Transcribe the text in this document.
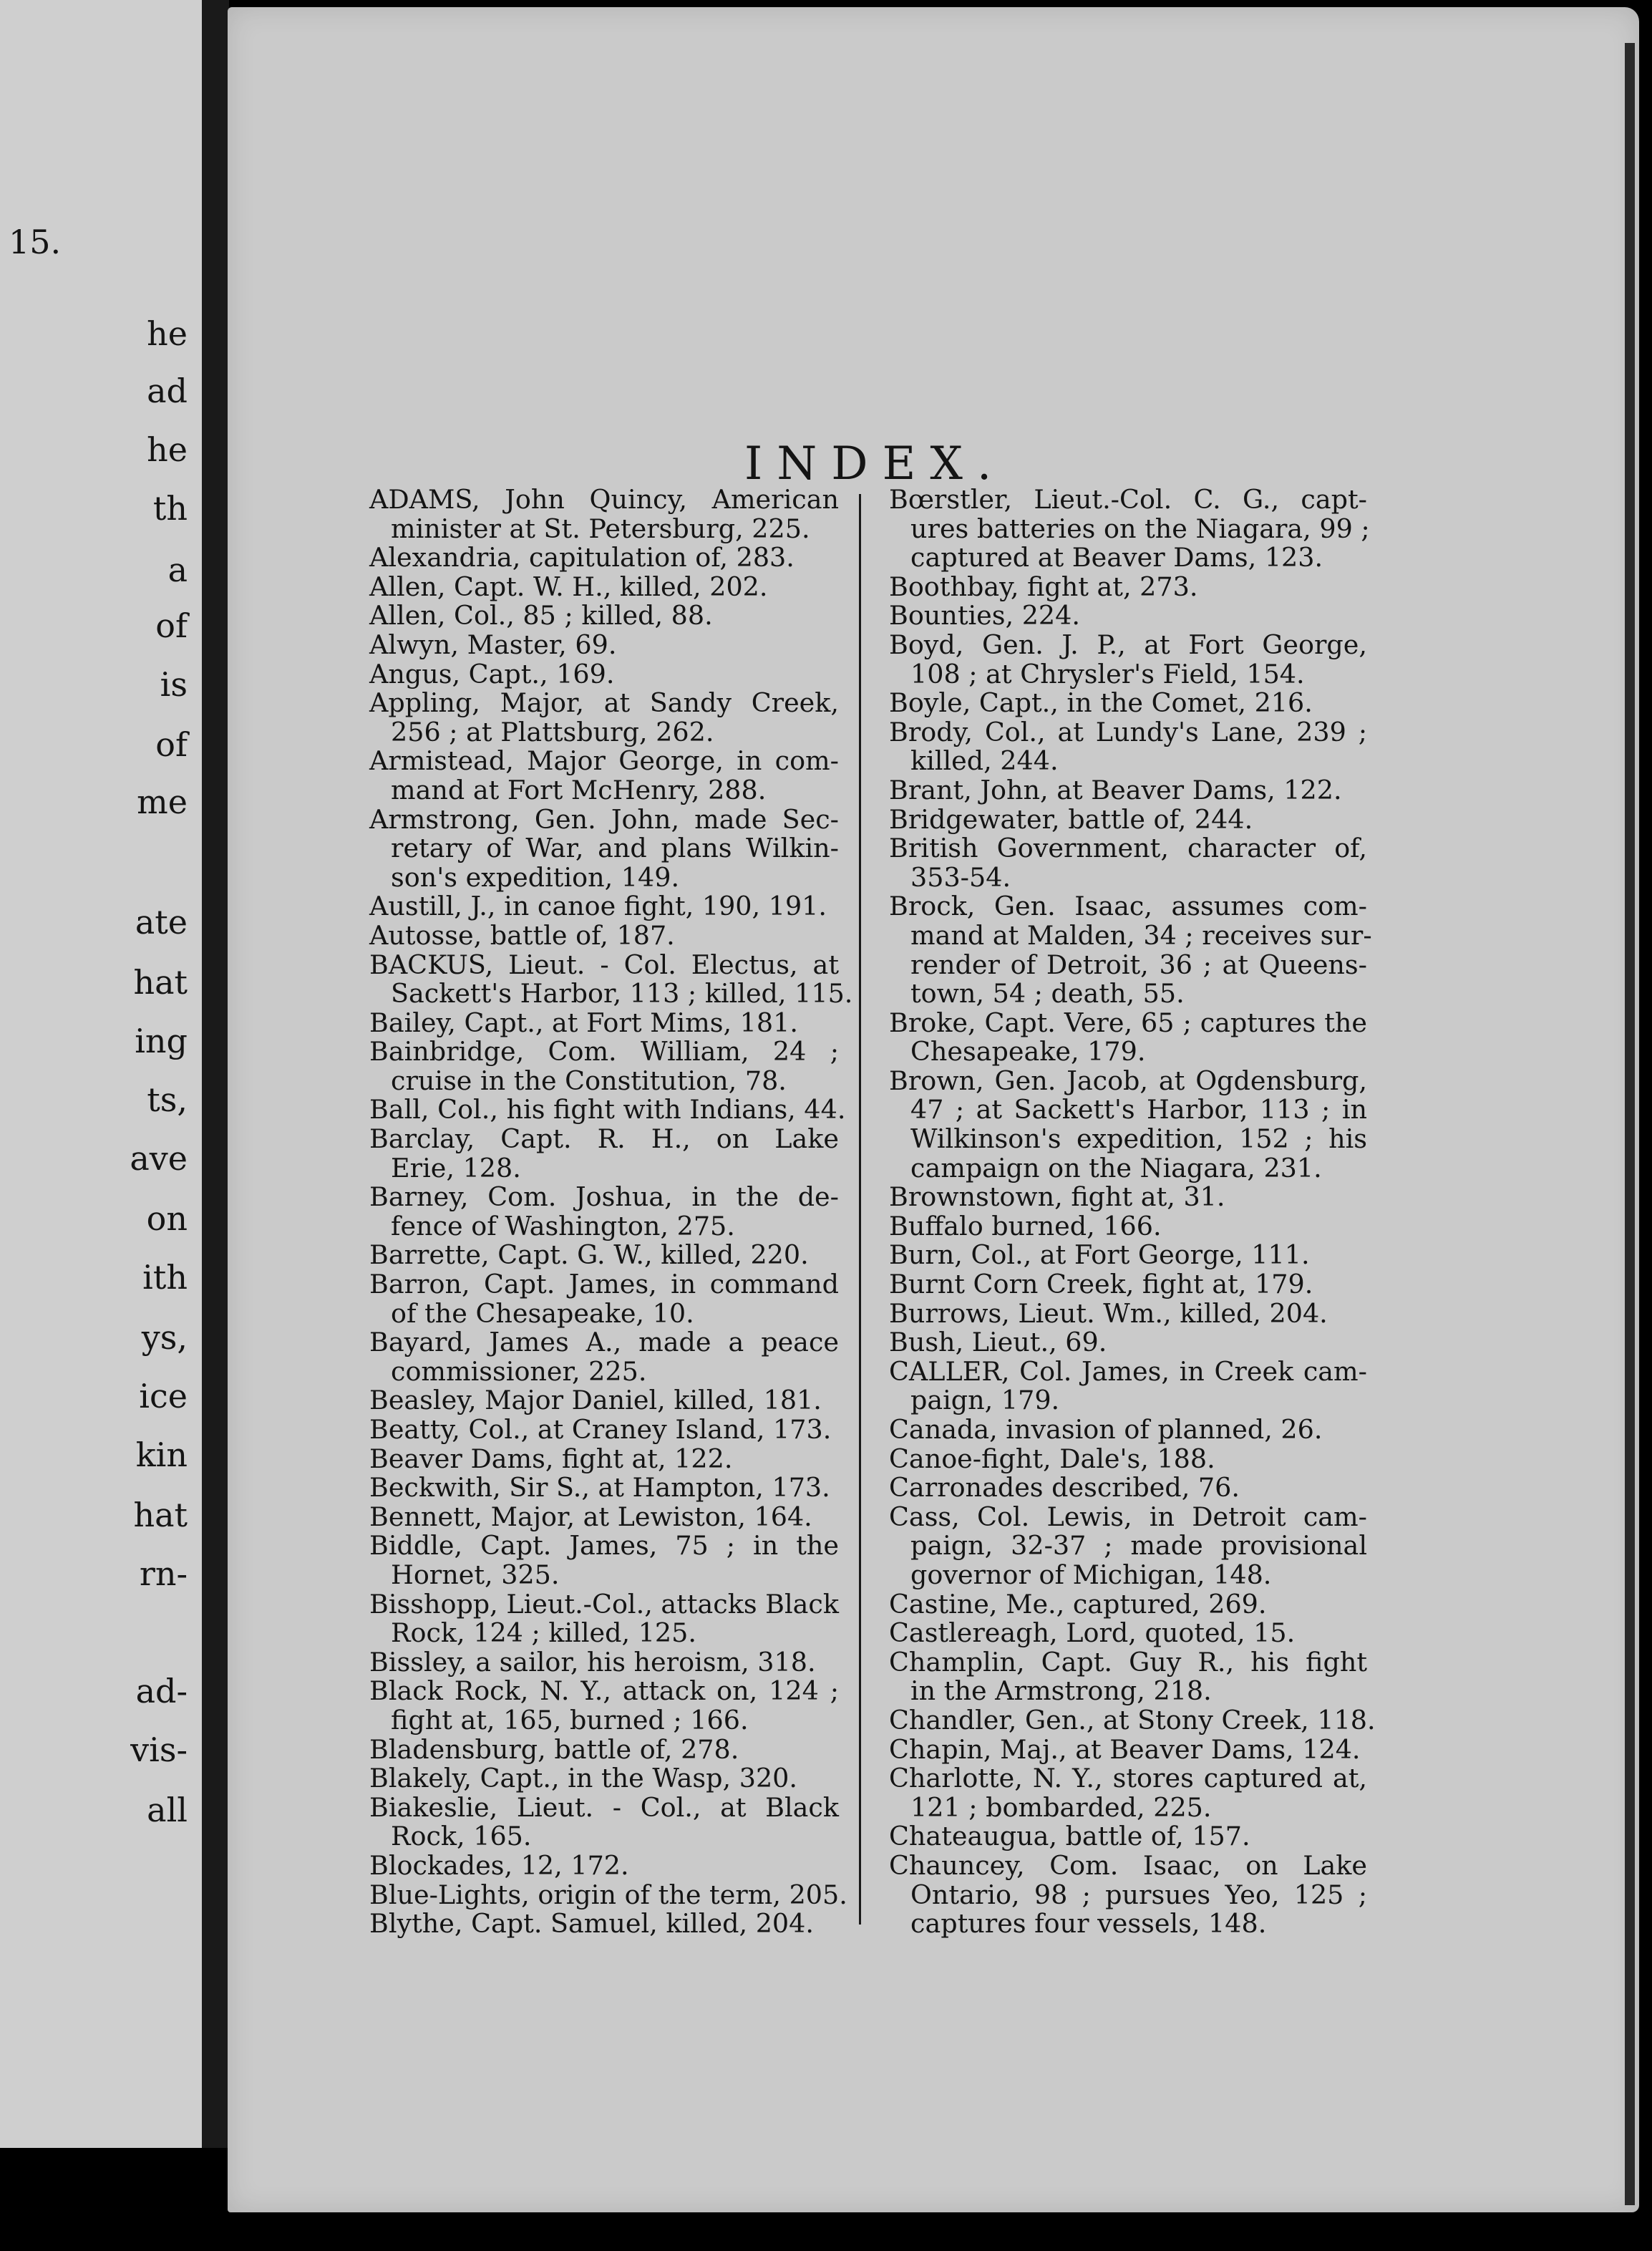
15.
he
ad
he
th
a
of
is
of
me
ate
hat
ing
ts,
ave
on
ith
ys,
ice
kin
hat
rn-
ad-
vis-
all
INDEX.
ADAMS, John Quincy, American
minister at St. Petersburg, 225.
Alexandria, capitulation of, 283.
Allen, Capt. W. H., killed, 202.
Allen, Col., 85 ; killed, 88.
Alwyn, Master, 69.
Angus, Capt., 169.
Appling, Major, at Sandy Creek,
256 ; at Plattsburg, 262.
Armistead, Major George, in com-
mand at Fort McHenry, 288.
Armstrong, Gen. John, made Sec-
retary of War, and plans Wilkin-
son's expedition, 149.
Austill, J., in canoe fight, 190, 191.
Autosse, battle of, 187.
BACKUS, Lieut. - Col. Electus, at
Sackett's Harbor, 113 ; killed, 115.
Bailey, Capt., at Fort Mims, 181.
Bainbridge, Com. William, 24 ;
cruise in the Constitution, 78.
Ball, Col., his fight with Indians, 44.
Barclay, Capt. R. H., on Lake
Erie, 128.
Barney, Com. Joshua, in the de-
fence of Washington, 275.
Barrette, Capt. G. W., killed, 220.
Barron, Capt. James, in command
of the Chesapeake, 10.
Bayard, James A., made a peace
commissioner, 225.
Beasley, Major Daniel, killed, 181.
Beatty, Col., at Craney Island, 173.
Beaver Dams, fight at, 122.
Beckwith, Sir S., at Hampton, 173.
Bennett, Major, at Lewiston, 164.
Biddle, Capt. James, 75 ; in the
Hornet, 325.
Bisshopp, Lieut.-Col., attacks Black
Rock, 124 ; killed, 125.
Bissley, a sailor, his heroism, 318.
Black Rock, N. Y., attack on, 124 ;
fight at, 165, burned ; 166.
Bladensburg, battle of, 278.
Blakely, Capt., in the Wasp, 320.
Biakeslie, Lieut. - Col., at Black
Rock, 165.
Blockades, 12, 172.
Blue-Lights, origin of the term, 205.
Blythe, Capt. Samuel, killed, 204.
Bœrstler, Lieut.-Col. C. G., capt-
ures batteries on the Niagara, 99 ;
captured at Beaver Dams, 123.
Boothbay, fight at, 273.
Bounties, 224.
Boyd, Gen. J. P., at Fort George,
108 ; at Chrysler's Field, 154.
Boyle, Capt., in the Comet, 216.
Brody, Col., at Lundy's Lane, 239 ;
killed, 244.
Brant, John, at Beaver Dams, 122.
Bridgewater, battle of, 244.
British Government, character of,
353-54.
Brock, Gen. Isaac, assumes com-
mand at Malden, 34 ; receives sur-
render of Detroit, 36 ; at Queens-
town, 54 ; death, 55.
Broke, Capt. Vere, 65 ; captures the
Chesapeake, 179.
Brown, Gen. Jacob, at Ogdensburg,
47 ; at Sackett's Harbor, 113 ; in
Wilkinson's expedition, 152 ; his
campaign on the Niagara, 231.
Brownstown, fight at, 31.
Buffalo burned, 166.
Burn, Col., at Fort George, 111.
Burnt Corn Creek, fight at, 179.
Burrows, Lieut. Wm., killed, 204.
Bush, Lieut., 69.
CALLER, Col. James, in Creek cam-
paign, 179.
Canada, invasion of planned, 26.
Canoe-fight, Dale's, 188.
Carronades described, 76.
Cass, Col. Lewis, in Detroit cam-
paign, 32-37 ; made provisional
governor of Michigan, 148.
Castine, Me., captured, 269.
Castlereagh, Lord, quoted, 15.
Champlin, Capt. Guy R., his fight
in the Armstrong, 218.
Chandler, Gen., at Stony Creek, 118.
Chapin, Maj., at Beaver Dams, 124.
Charlotte, N. Y., stores captured at,
121 ; bombarded, 225.
Chateaugua, battle of, 157.
Chauncey, Com. Isaac, on Lake
Ontario, 98 ; pursues Yeo, 125 ;
captures four vessels, 148.
